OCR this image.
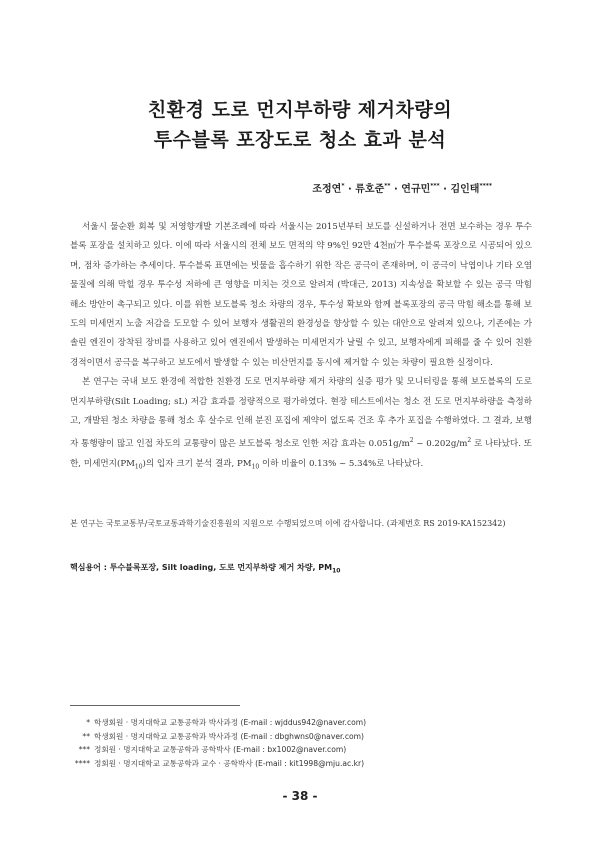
친환경 도로 먼지부하량 제거차량의
투수블록 포장도로 청소 효과 분석
조정연* · 류호준** · 연규민*** · 김인태****

서울시 물순환 회복 및 저영향개발 기본조례에 따라 서울시는 2015년부터 보도를 신설하거나 전면 보수하는 경우 투수블록 포장을 설치하고 있다. 이에 따라 서울시의 전체 보도 면적의 약 9%인 92만 4천㎡가 투수블록 포장으로 시공되어 있으며, 점차 증가하는 추세이다. 투수블록 표면에는 빗물을 흡수하기 위한 작은 공극이 존재하며, 이 공극이 낙엽이나 기타 오염물질에 의해 막힐 경우 투수성 저하에 큰 영향을 미치는 것으로 알려져 (박대근, 2013) 지속성을 확보할 수 있는 공극 막힘 해소 방안이 촉구되고 있다. 이를 위한 보도블록 청소 차량의 경우, 투수성 확보와 함께 블록포장의 공극 막힘 해소를 통해 보도의 미세먼지 노출 저감을 도모할 수 있어 보행자 생활권의 환경성을 향상할 수 있는 대안으로 알려져 있으나, 기존에는 가솔린 엔진이 장착된 장비를 사용하고 있어 엔진에서 발생하는 미세먼지가 날릴 수 있고, 보행자에게 피해를 줄 수 있어 친환경적이면서 공극을 복구하고 보도에서 발생할 수 있는 비산먼지를 동시에 제거할 수 있는 차량이 필요한 실정이다.

본 연구는 국내 보도 환경에 적합한 친환경 도로 먼지부하량 제거 차량의 실증 평가 및 모니터링을 통해 보도블록의 도로 먼지부하량(Silt Loading; sL) 저감 효과를 정량적으로 평가하였다. 현장 테스트에서는 청소 전 도로 먼지부하량을 측정하고, 개발된 청소 차량을 통해 청소 후 살수로 인해 분진 포집에 제약이 없도록 건조 후 추가 포집을 수행하였다. 그 결과, 보행자 통행량이 많고 인접 차도의 교통량이 많은 보도블록 청소로 인한 저감 효과는 $0.051g/m^2$ ~ $0.202g/m^2$ 로 나타났다. 또한, 미세먼지$(PM_{10})$의 입자 크기 분석 결과, $PM_{10}$ 이하 비율이 0.13% ~ 5.34%로 나타났다.

본 연구는 국토교통부/국토교통과학기술진흥원의 지원으로 수행되었으며 이에 감사합니다. (과제번호 RS 2019-KA152342)
핵심용어 : 투수블록포장, Silt loading, 도로 먼지부하량 제거 차량, $PM_{10}$
* 학생회원 · 명지대학교 교통공학과 박사과정 (E-mail : wjddus942@naver.com)
** 학생회원 · 명지대학교 교통공학과 박사과정 (E-mail : dbghwns0@naver.com)
*** 정회원 · 명지대학교 교통공학과 공학박사 (E-mail : bx1002@naver.com)
**** 정회원 · 명지대학교 교통공학과 교수 · 공학박사 (E-mail : kit1998@mju.ac.kr)
- 38 -
